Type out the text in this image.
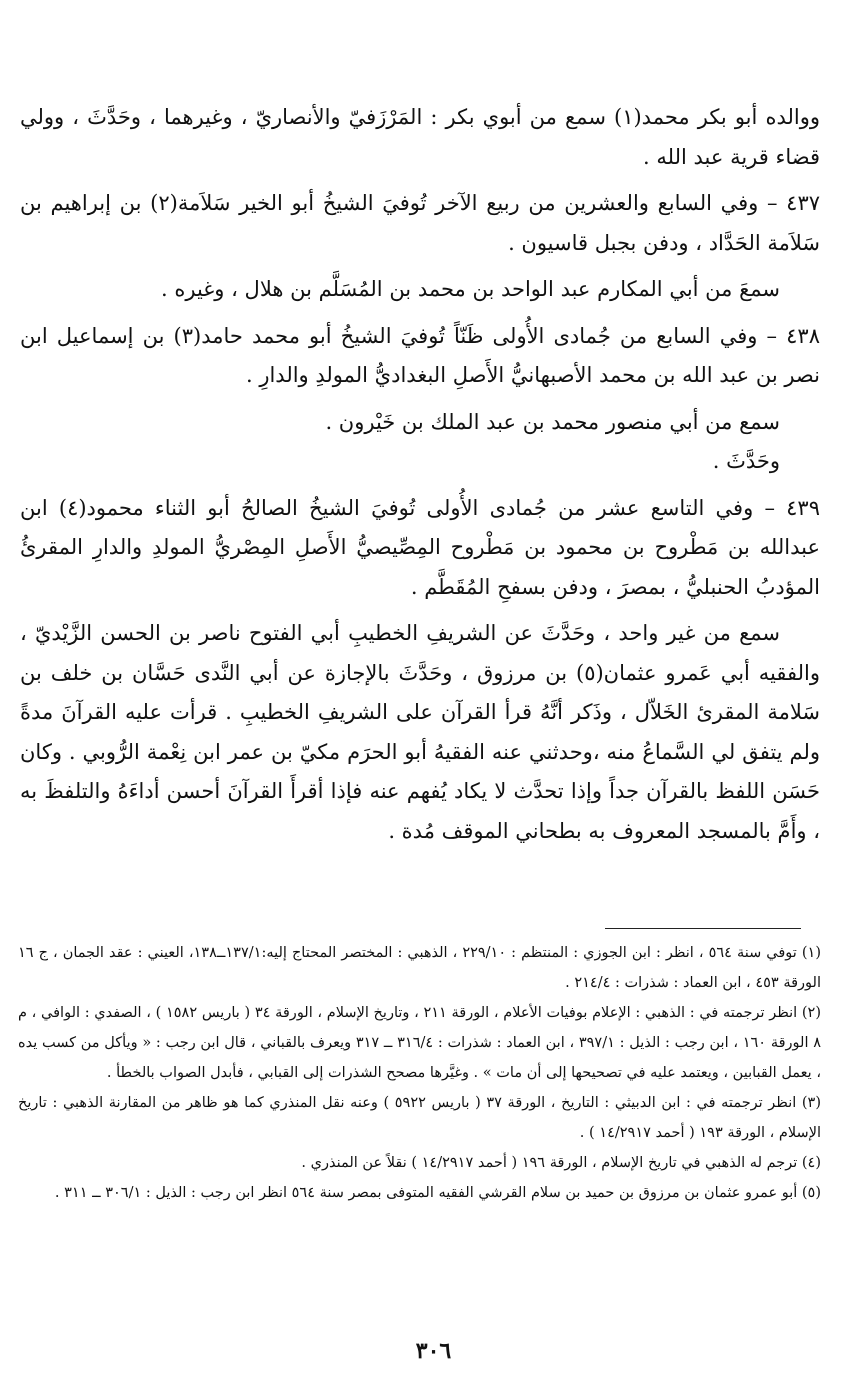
ووالده أبو بكر محمد(١) سمع من أبوي بكر : المَرْزَفيّ والأنصاريّ ، وغيرهما ، وحَدَّثَ ، وولي قضاء قرية عبد الله .

٤٣٧ – وفي السابع والعشرين من ربيع الآخر تُوفيَ الشيخُ أبو الخير سَلاَمة(٢) بن إبراهيم بن سَلاَمة الحَدَّاد ، ودفن بجبل قاسيون .

سمعَ من أبي المكارم عبد الواحد بن محمد بن المُسَلَّم بن هلال ، وغيره .

٤٣٨ – وفي السابع من جُمادى الأُولى ظَنّاً تُوفيَ الشيخُ أبو محمد حامد(٣) بن إسماعيل ابن نصر بن عبد الله بن محمد الأصبهانيُّ الأَصلِ البغداديُّ المولدِ والدارِ .

سمع من أبي منصور محمد بن عبد الملك بن خَيْرون .

وحَدَّثَ .

٤٣٩ – وفي التاسع عشر من جُمادى الأُولى تُوفيَ الشيخُ الصالحُ أبو الثناء محمود(٤) ابن عبدالله بن مَطْروح بن محمود بن مَطْروح المِصِّيصيُّ الأَصلِ المِصْريُّ المولدِ والدارِ المقرئُ المؤدبُ الحنبليُّ ، بمصرَ ، ودفن بسفحِ المُقَطَّم .

سمع من غير واحد ، وحَدَّثَ عن الشريفِ الخطيبِ أبي الفتوح ناصر بن الحسن الزَّيْديّ ، والفقيه أبي عَمرو عثمان(٥) بن مرزوق ، وحَدَّثَ بالإجازة عن أبي النَّدى حَسَّان بن خلف بن سَلامة المقرئ الخَلاّل ، وذَكر أنَّهُ قرأ القرآن على الشريفِ الخطيبِ . قرأت عليه القرآنَ مدةً ولم يتفق لي السَّماعُ منه ،وحدثني عنه الفقيهُ أبو الحرَم مكيّ بن عمر ابن نِعْمة الرُّوبي . وكان حَسَن اللفظ بالقرآن جداً وإذا تحدَّث لا يكاد يُفهم عنه فإذا أقرأَ القرآنَ أحسن أداءَهُ والتلفظَ به ، وأَمَّ بالمسجد المعروف به بطحاني الموقف مُدة .

(١) توفي سنة ٥٦٤ ، انظر : ابن الجوزي : المنتظم : ٢٢٩/١٠ ، الذهبي : المختصر المحتاج إليه:١٣٧/١ــ١٣٨، العيني : عقد الجمان ، ج ١٦ الورقة ٤٥٣ ، ابن العماد : شذرات : ٢١٤/٤ .

(٢) انظر ترجمته في : الذهبي : الإعلام بوفيات الأعلام ، الورقة ٢١١ ، وتاريخ الإسلام ، الورقة ٣٤ ( باريس ١٥٨٢ ) ، الصفدي : الوافي ، م ٨ الورقة ١٦٠ ، ابن رجب : الذيل : ٣٩٧/١ ، ابن العماد : شذرات : ٣١٦/٤ ــ ٣١٧ ويعرف بالقباني ، قال ابن رجب : « ويأكل من كسب يده ، يعمل القبابين ، ويعتمد عليه في تصحيحها إلى أن مات » . وغيَّرها مصحح الشذرات إلى القبابي ، فأبدل الصواب بالخطأ .

(٣) انظر ترجمته في : ابن الدبيثي : التاريخ ، الورقة ٣٧ ( باريس ٥٩٢٢ ) وعنه نقل المنذري كما هو ظاهر من المقارنة الذهبي : تاريخ الإسلام ، الورقة ١٩٣ ( أحمد ١٤/٢٩١٧ ) .

(٤) ترجم له الذهبي في تاريخ الإسلام ، الورقة ١٩٦ ( أحمد ١٤/٢٩١٧ ) نقلاً عن المنذري .

(٥) أبو عمرو عثمان بن مرزوق بن حميد بن سلام القرشي الفقيه المتوفى بمصر سنة ٥٦٤ انظر ابن رجب : الذيل : ٣٠٦/١ ــ ٣١١ .

٣٠٦
